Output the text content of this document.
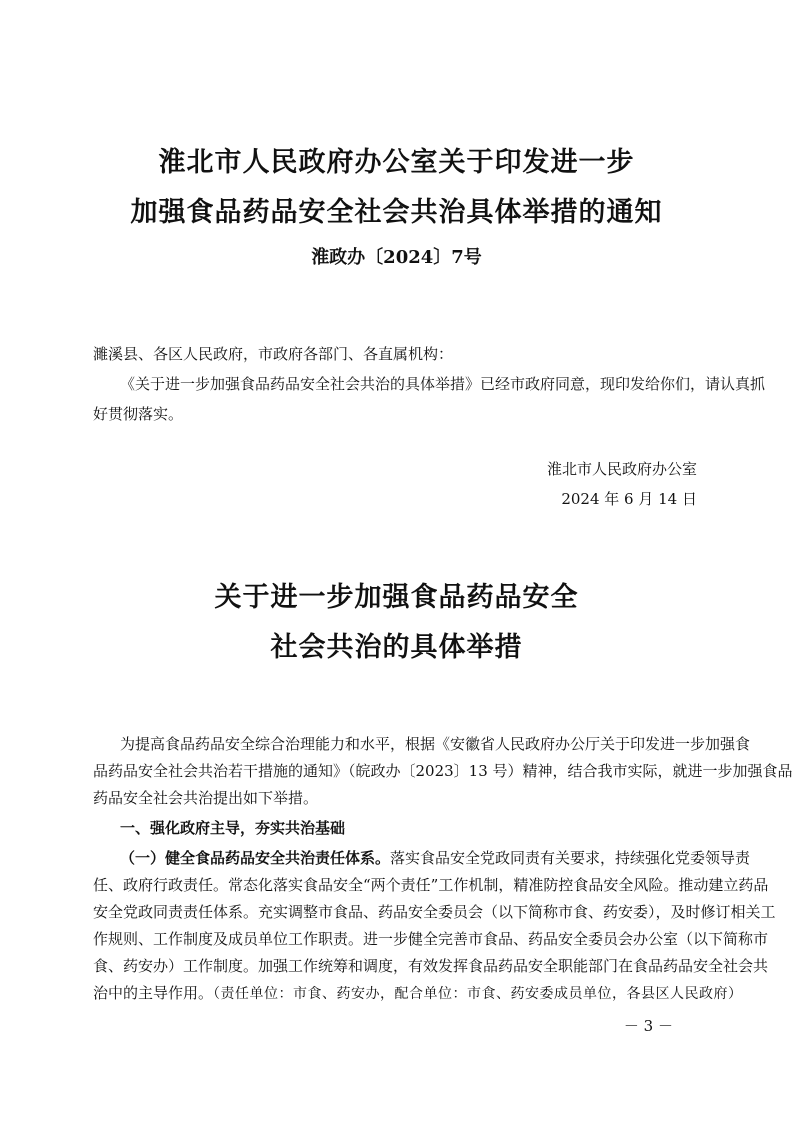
淮北市人民政府办公室关于印发进一步
加强食品药品安全社会共治具体举措的通知
淮政办〔2024〕7号
濉溪县、各区人民政府，市政府各部门、各直属机构：
《关于进一步加强食品药品安全社会共治的具体举措》已经市政府同意，现印发给你们，请认真抓
好贯彻落实。
淮北市人民政府办公室
2024 年 6 月 14 日
关于进一步加强食品药品安全
社会共治的具体举措
为提高食品药品安全综合治理能力和水平，根据《安徽省人民政府办公厅关于印发进一步加强食
品药品安全社会共治若干措施的通知》（皖政办〔2023〕13 号）精神，结合我市实际，就进一步加强食品
药品安全社会共治提出如下举措。
一、强化政府主导，夯实共治基础
（一）健全食品药品安全共治责任体系。落实食品安全党政同责有关要求，持续强化党委领导责
任、政府行政责任。常态化落实食品安全“两个责任”工作机制，精准防控食品安全风险。推动建立药品
安全党政同责责任体系。充实调整市食品、药品安全委员会（以下简称市食、药安委），及时修订相关工
作规则、工作制度及成员单位工作职责。进一步健全完善市食品、药品安全委员会办公室（以下简称市
食、药安办）工作制度。加强工作统筹和调度，有效发挥食品药品安全职能部门在食品药品安全社会共
治中的主导作用。（责任单位：市食、药安办，配合单位：市食、药安委成员单位，各县区人民政府）
－ 3 －
